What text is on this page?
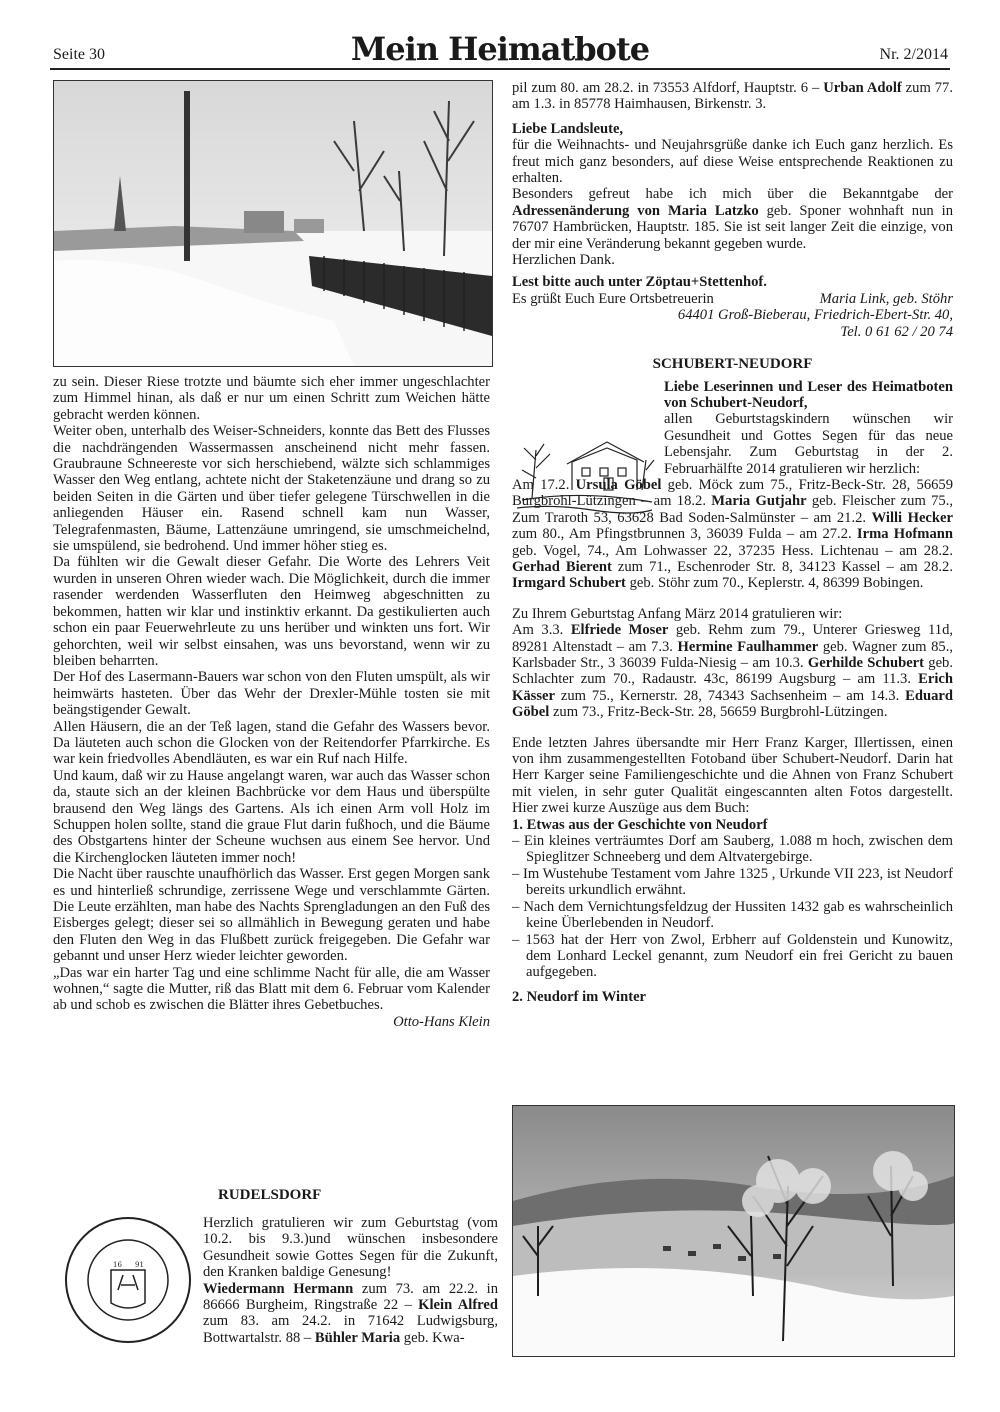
Seite 30	Mein Heimatbote	Nr. 2/2014

zu sein. Dieser Riese trotzte und bäumte sich eher immer ungeschlachter zum Himmel hinan, als daß er nur um einen Schritt zum Weichen hätte gebracht werden können.

Weiter oben, unterhalb des Weiser-Schneiders, konnte das Bett des Flusses die nachdrängenden Wassermassen anscheinend nicht mehr fassen. Graubraune Schneereste vor sich herschiebend, wälzte sich schlammiges Wasser den Weg entlang, achtete nicht der Staketenzäune und drang so zu beiden Seiten in die Gärten und über tiefer gelegene Türschwellen in die anliegenden Häuser ein. Rasend schnell kam nun Wasser, Telegrafenmasten, Bäume, Lattenzäune umringend, sie umschmeichelnd, sie umspülend, sie bedrohend. Und immer höher stieg es.

Da fühlten wir die Gewalt dieser Gefahr. Die Worte des Lehrers Veit wurden in unseren Ohren wieder wach. Die Möglichkeit, durch die immer rasender werdenden Wasserfluten den Heimweg abgeschnitten zu bekommen, hatten wir klar und instinktiv erkannt. Da gestikulierten auch schon ein paar Feuerwehrleute zu uns herüber und winkten uns fort. Wir gehorchten, weil wir selbst einsahen, was uns bevorstand, wenn wir zu bleiben beharrten.

Der Hof des Lasermann-Bauers war schon von den Fluten umspült, als wir heimwärts hasteten. Über das Wehr der Drexler-Mühle tosten sie mit beängstigender Gewalt.

Allen Häusern, die an der Teß lagen, stand die Gefahr des Wassers bevor. Da läuteten auch schon die Glocken von der Reitendorfer Pfarrkirche. Es war kein friedvolles Abendläuten, es war ein Ruf nach Hilfe.

Und kaum, daß wir zu Hause angelangt waren, war auch das Wasser schon da, staute sich an der kleinen Bachbrücke vor dem Haus und überspülte brausend den Weg längs des Gartens. Als ich einen Arm voll Holz im Schuppen holen sollte, stand die graue Flut darin fußhoch, und die Bäume des Obstgartens hinter der Scheune wuchsen aus einem See hervor. Und die Kirchenglocken läuteten immer noch!

Die Nacht über rauschte unaufhörlich das Wasser. Erst gegen Morgen sank es und hinterließ schrundige, zerrissene Wege und verschlammte Gärten. Die Leute erzählten, man habe des Nachts Sprengladungen an den Fuß des Eisberges gelegt; dieser sei so allmählich in Bewegung geraten und habe den Fluten den Weg in das Flußbett zurück freigegeben. Die Gefahr war gebannt und unser Herz wieder leichter geworden.

„Das war ein harter Tag und eine schlimme Nacht für alle, die am Wasser wohnen,“ sagte die Mutter, riß das Blatt mit dem 6. Februar vom Kalender ab und schob es zwischen die Blätter ihres Gebetbuches.

Otto-Hans Klein

RUDELSDORF
16 91
Herzlich gratulieren wir zum Geburtstag (vom 10.2. bis 9.3.)und wünschen insbesondere Gesundheit sowie Gottes Segen für die Zukunft, den Kranken baldige Genesung!
Wiedermann Hermann zum 73. am 22.2. in 86666 Burgheim, Ringstraße 22 – Klein Alfred zum 83. am 24.2. in 71642 Ludwigsburg, Bottwartalstr. 88 – Bühler Maria geb. Kwa-

pil zum 80. am 28.2. in 73553 Alfdorf, Hauptstr. 6 – Urban Adolf zum 77. am 1.3. in 85778 Haimhausen, Birkenstr. 3.

Liebe Landsleute,

für die Weihnachts- und Neujahrsgrüße danke ich Euch ganz herzlich. Es freut mich ganz besonders, auf diese Weise entsprechende Reaktionen zu erhalten.

Besonders gefreut habe ich mich über die Bekanntgabe der Adressenänderung von Maria Latzko geb. Sponer wohnhaft nun in 76707 Hambrücken, Hauptstr. 185. Sie ist seit langer Zeit die einzige, von der mir eine Veränderung bekannt gegeben wurde.

Herzlichen Dank.

Lest bitte auch unter Zöptau+Stettenhof.

Es grüßt Euch Eure Ortsbetreuerin	Maria Link, geb. Stöhr

64401 Groß-Bieberau, Friedrich-Ebert-Str. 40,

Tel. 0 61 62 / 20 74

SCHUBERT-NEUDORF

Liebe Leserinnen und Leser des Heimatboten von Schubert-Neudorf,

allen Geburtstagskindern wünschen wir Gesundheit und Gottes Segen für das neue Lebensjahr. Zum Geburtstag in der 2. Februarhälfte 2014 gratulieren wir herzlich:

Am 17.2. Ursula Göbel geb. Möck zum 75., Fritz-Beck-Str. 28, 56659 Burgbrohl-Lützingen – am 18.2. Maria Gutjahr geb. Fleischer zum 75., Zum Traroth 53, 63628 Bad Soden-Salmünster – am 21.2. Willi Hecker zum 80., Am Pfingstbrunnen 3, 36039 Fulda – am 27.2. Irma Hofmann geb. Vogel, 74., Am Lohwasser 22, 37235 Hess. Lichtenau – am 28.2. Gerhad Bierent zum 71., Eschenroder Str. 8, 34123 Kassel – am 28.2. Irmgard Schubert geb. Stöhr zum 70., Keplerstr. 4, 86399 Bobingen.

Zu Ihrem Geburtstag Anfang März 2014 gratulieren wir:

Am 3.3. Elfriede Moser geb. Rehm zum 79., Unterer Griesweg 11d, 89281 Altenstadt – am 7.3. Hermine Faulhammer geb. Wagner zum 85., Karlsbader Str., 3 36039 Fulda-Niesig – am 10.3. Gerhilde Schubert geb. Schlachter zum 70., Radaustr. 43c, 86199 Augsburg – am 11.3. Erich Kässer zum 75., Kernerstr. 28, 74343 Sachsenheim – am 14.3. Eduard Göbel zum 73., Fritz-Beck-Str. 28, 56659 Burgbrohl-Lützingen.

Ende letzten Jahres übersandte mir Herr Franz Karger, Illertissen, einen von ihm zusammengestellten Fotoband über Schubert-Neudorf. Darin hat Herr Karger seine Familiengeschichte und die Ahnen von Franz Schubert mit vielen, in sehr guter Qualität eingescannten alten Fotos dargestellt. Hier zwei kurze Auszüge aus dem Buch:

1. Etwas aus der Geschichte von Neudorf

– Ein kleines verträumtes Dorf am Sauberg, 1.088 m hoch, zwischen dem Spieglitzer Schneeberg und dem Altvatergebirge.

– Im Wustehube Testament vom Jahre 1325 , Urkunde VII 223, ist Neudorf bereits urkundlich erwähnt.

– Nach dem Vernichtungsfeldzug der Hussiten 1432 gab es wahrscheinlich keine Überlebenden in Neudorf.

– 1563 hat der Herr von Zwol, Erbherr auf Goldenstein und Kunowitz, dem Lonhard Leckel genannt, zum Neudorf ein frei Gericht zu bauen aufgegeben.

2. Neudorf im Winter
